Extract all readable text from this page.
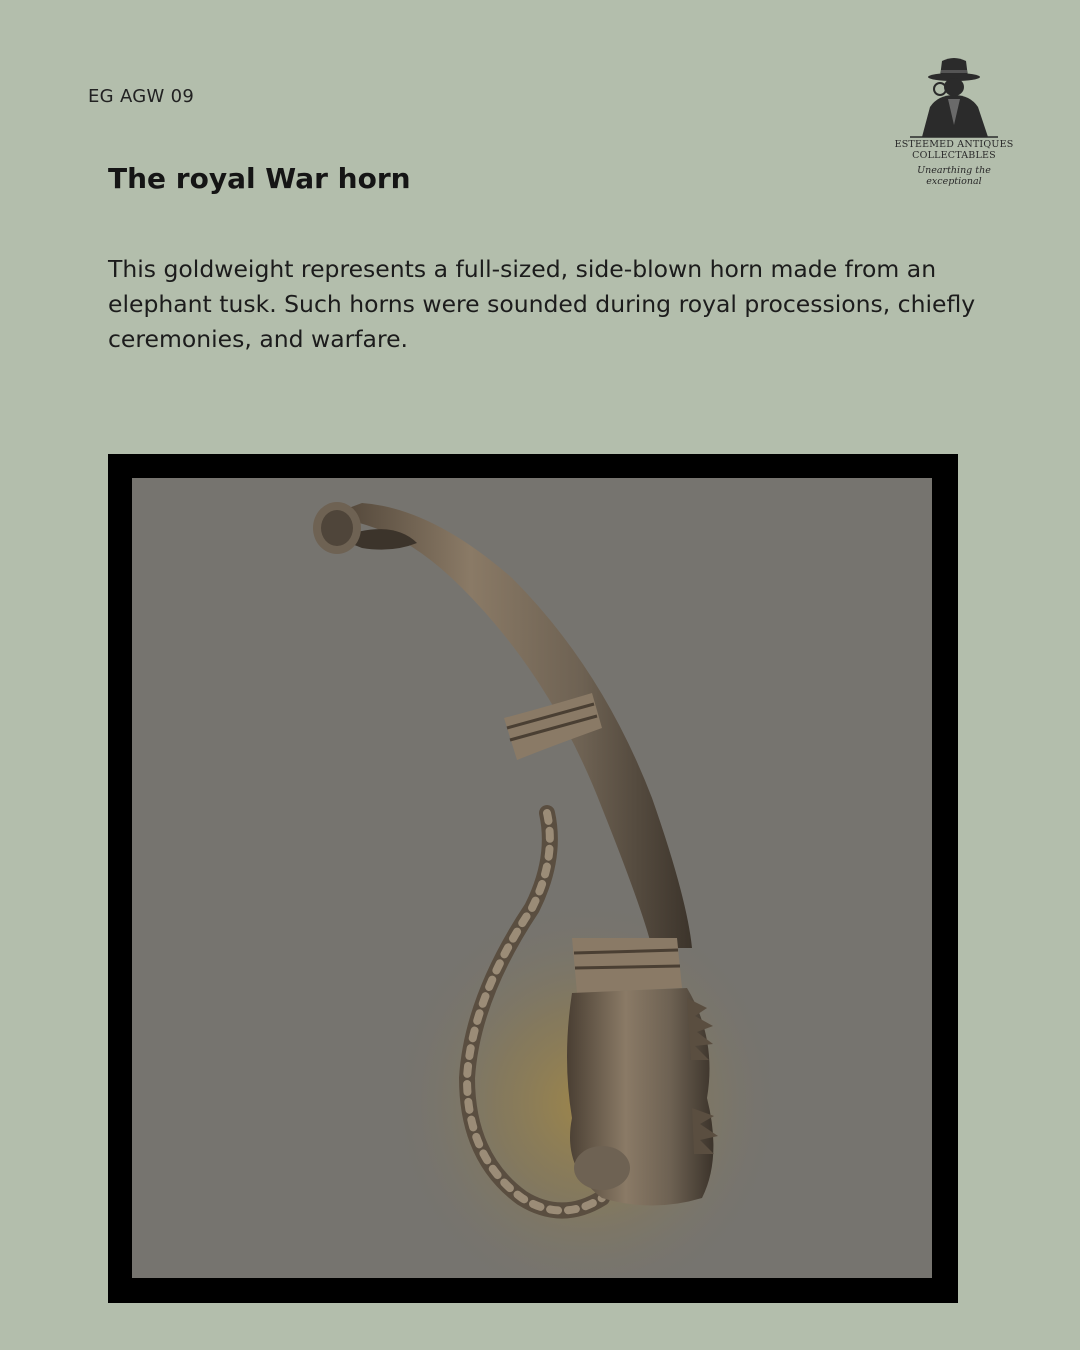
EG AGW 09
ESTEEMED ANTIQUES
COLLECTABLES
Unearthing the exceptional
The royal War horn

This goldweight represents a full-sized, side-blown horn made from an elephant tusk. Such horns were sounded during royal processions, chiefly ceremonies, and warfare.
